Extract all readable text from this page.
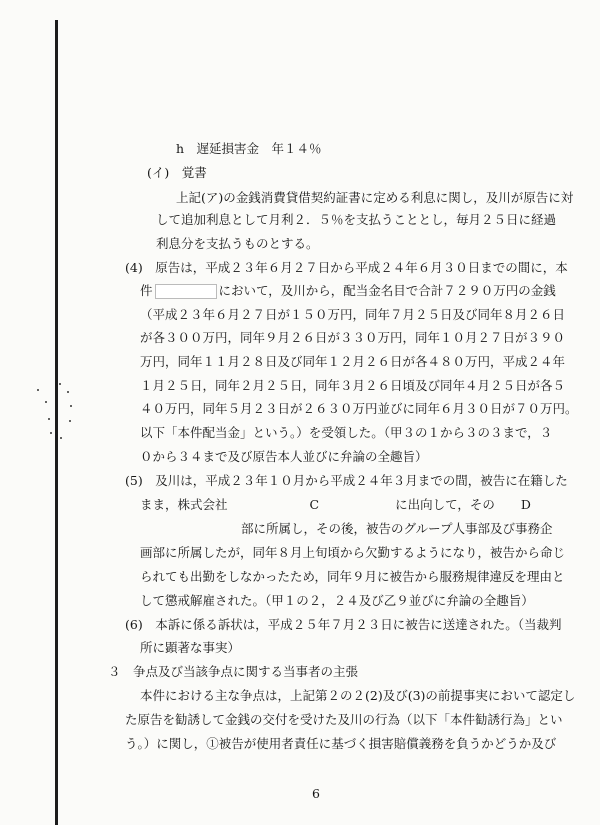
h　遅延損害金　年１４％
(イ)　覚書
上記(ア)の金銭消費貸借契約証書に定める利息に関し，及川が原告に対
して追加利息として月利２．５％を支払うこととし，毎月２５日に経過
利息分を支払うものとする。
(4)　原告は，平成２３年６月２７日から平成２４年６月３０日までの間に，本
件	において，及川から，配当金名目で合計７２９０万円の金銭
（平成２３年６月２７日が１５０万円，同年７月２５日及び同年８月２６日
が各３００万円，同年９月２６日が３３０万円，同年１０月２７日が３９０
万円，同年１１月２８日及び同年１２月２６日が各４８０万円，平成２４年
１月２５日，同年２月２５日，同年３月２６日頃及び同年４月２５日が各５
４０万円，同年５月２３日が２６３０万円並びに同年６月３０日が７０万円。
以下「本件配当金」という。）を受領した。（甲３の１から３の３まで，３
０から３４まで及び原告本人並びに弁論の全趣旨）
(5)　及川は，平成２３年１０月から平成２４年３月までの間，被告に在籍した
まま，株式会社	C	に出向して，その D
部に所属し，その後，被告のグループ人事部及び事務企
画部に所属したが，同年８月上旬頃から欠勤するようになり，被告から命じ
られても出勤をしなかったため，同年９月に被告から服務規律違反を理由と
して懲戒解雇された。（甲１の２，２４及び乙９並びに弁論の全趣旨）
(6)　本訴に係る訴状は，平成２５年７月２３日に被告に送達された。（当裁判
所に顕著な事実）
３　争点及び当該争点に関する当事者の主張
本件における主な争点は，上記第２の２(2)及び(3)の前提事実において認定し
た原告を勧誘して金銭の交付を受けた及川の行為（以下「本件勧誘行為」とい
う。）に関し，①被告が使用者責任に基づく損害賠償義務を負うかどうか及び
6
